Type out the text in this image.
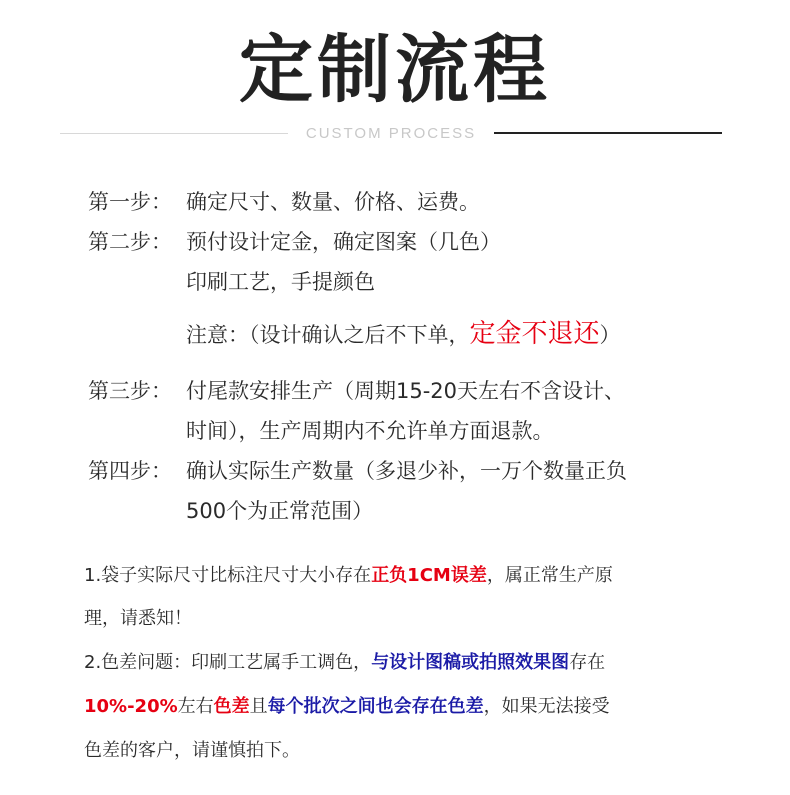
定制流程
CUSTOM PROCESS
第一步： 确定尺寸、数量、价格、运费。
第二步： 预付设计定金，确定图案（几色）
印刷工艺，手提颜色
注意：（设计确认之后不下单，定金不退还）
第三步： 付尾款安排生产（周期15-20天左右不含设计、
时间），生产周期内不允许单方面退款。
第四步： 确认实际生产数量（多退少补，一万个数量正负
500个为正常范围）
1.袋子实际尺寸比标注尺寸大小存在正负1CM误差，属正常生产原
理，请悉知！
2.色差问题：印刷工艺属手工调色，与设计图稿或拍照效果图存在
10%-20%左右色差且每个批次之间也会存在色差，如果无法接受
色差的客户，请谨慎拍下。
